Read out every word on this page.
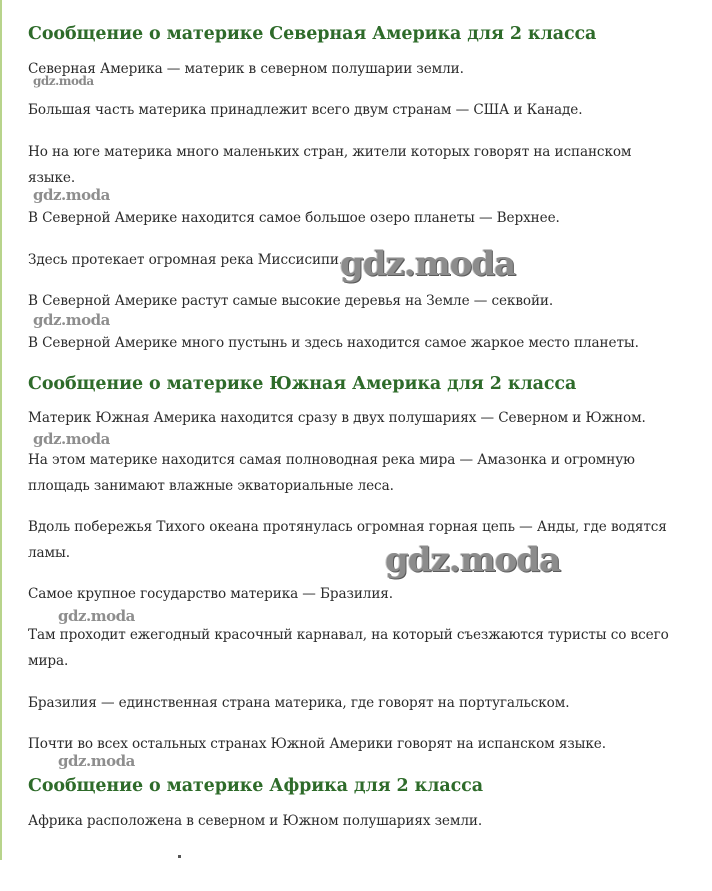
Сообщение о материке Северная Америка для 2 класса

Северная Америка — материк в северном полушарии земли.

Большая часть материка принадлежит всего двум странам — США и Канаде.

Но на юге материка много маленьких стран, жители которых говорят на испанском языке.

В Северной Америке находится самое большое озеро планеты — Верхнее.

Здесь протекает огромная река Миссисипи.

В Северной Америке растут самые высокие деревья на Земле — секвойи.

В Северной Америке много пустынь и здесь находится самое жаркое место планеты.

Сообщение о материке Южная Америка для 2 класса

Материк Южная Америка находится сразу в двух полушариях — Северном и Южном.

На этом материке находится самая полноводная река мира — Амазонка и огромную площадь занимают влажные экваториальные леса.

Вдоль побережья Тихого океана протянулась огромная горная цепь — Анды, где водятся ламы.

Самое крупное государство материка — Бразилия.

Там проходит ежегодный красочный карнавал, на который съезжаются туристы со всего мира.

Бразилия — единственная страна материка, где говорят на португальском.

Почти во всех остальных странах Южной Америки говорят на испанском языке.

Сообщение о материке Африка для 2 класса

Африка расположена в северном и Южном полушариях земли.

gdz.moda
gdz.moda
gdz.moda
gdz.moda
gdz.moda
gdz.moda
gdz.moda
gdz.moda
